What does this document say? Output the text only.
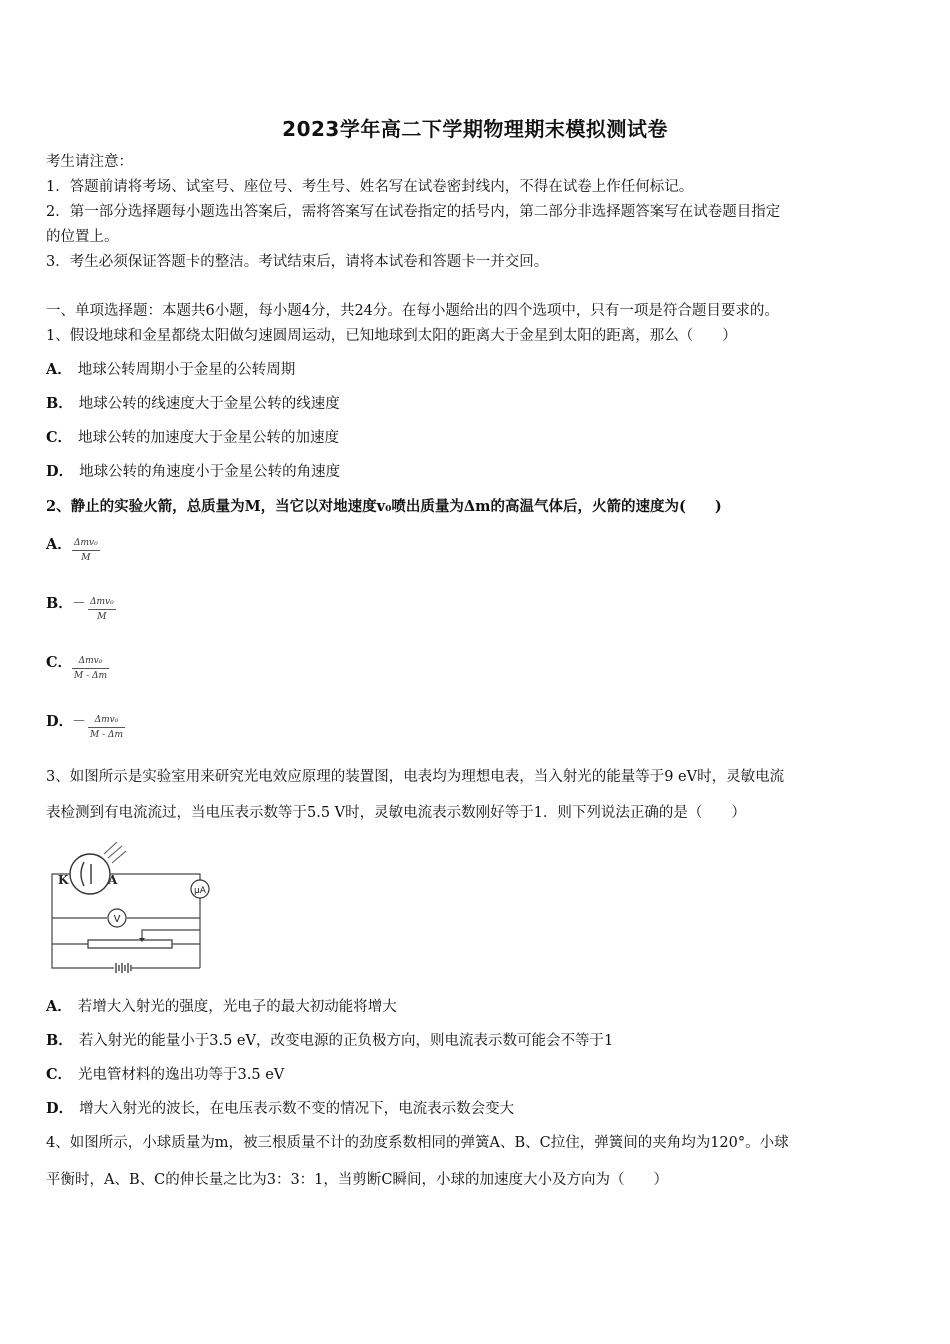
2023学年高二下学期物理期末模拟测试卷
考生请注意：
1．答题前请将考场、试室号、座位号、考生号、姓名写在试卷密封线内，不得在试卷上作任何标记。
2．第一部分选择题每小题选出答案后，需将答案写在试卷指定的括号内，第二部分非选择题答案写在试卷题目指定
的位置上。
3．考生必须保证答题卡的整洁。考试结束后，请将本试卷和答题卡一并交回。
一、单项选择题：本题共6小题，每小题4分，共24分。在每小题给出的四个选项中，只有一项是符合题目要求的。
1、假设地球和金星都绕太阳做匀速圆周运动，已知地球到太阳的距离大于金星到太阳的距离，那么（　　）
A． 地球公转周期小于金星的公转周期
B． 地球公转的线速度大于金星公转的线速度
C． 地球公转的加速度大于金星公转的加速度
D． 地球公转的角速度小于金星公转的角速度
2、静止的实验火箭，总质量为M，当它以对地速度v₀喷出质量为Δm的高温气体后，火箭的速度为(　　)
A． Δmv₀
M
B． － Δmv₀
M
C． Δmv₀
M - Δm
D．
－ Δmv₀
M - Δm
3、如图所示是实验室用来研究光电效应原理的装置图，电表均为理想电表，当入射光的能量等于9 eV时，灵敏电流
表检测到有电流流过，当电压表示数等于5.5 V时，灵敏电流表示数刚好等于1．则下列说法正确的是（　　）
K	A
μA
V
A． 若增大入射光的强度，光电子的最大初动能将增大
B． 若入射光的能量小于3.5 eV，改变电源的正负极方向，则电流表示数可能会不等于1
C． 光电管材料的逸出功等于3.5 eV
D． 增大入射光的波长，在电压表示数不变的情况下，电流表示数会变大
4、如图所示，小球质量为m，被三根质量不计的劲度系数相同的弹簧A、B、C拉住，弹簧间的夹角均为120°。小球
平衡时，A、B、C的伸长量之比为3：3：1，当剪断C瞬间，小球的加速度大小及方向为（　　）
